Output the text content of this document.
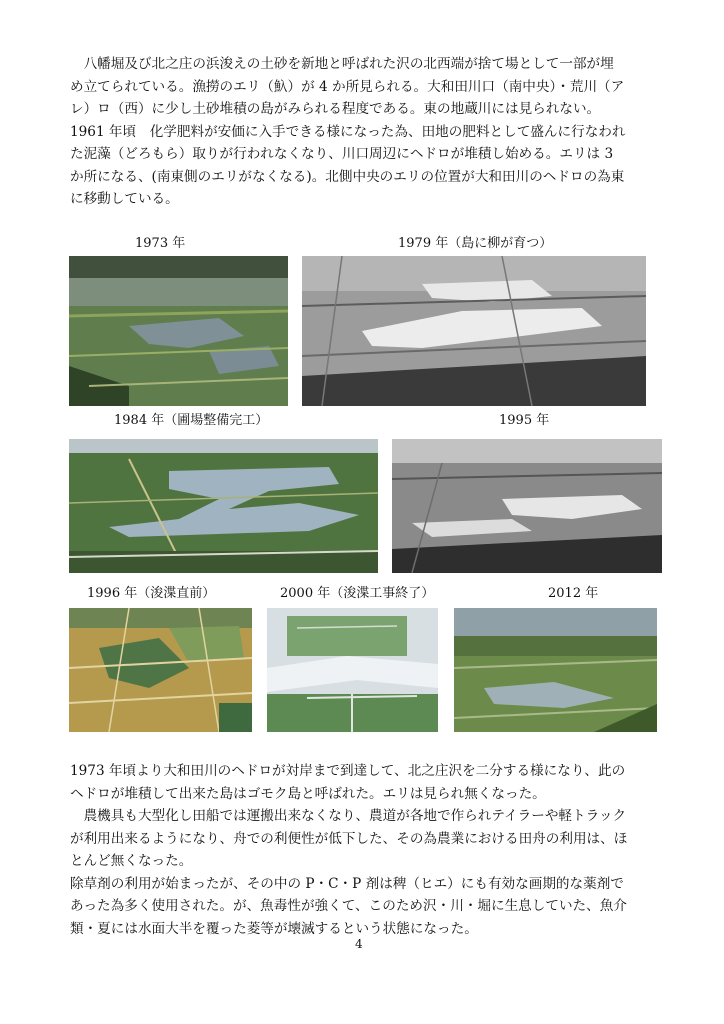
　八幡堀及び北之庄の浜浚えの土砂を新地と呼ばれた沢の北西端が捨て場として一部が埋

め立てられている。漁撈のエリ（魞）が 4 か所見られる。大和田川口（南中央）・荒川（ア

レ）ロ（西）に少し土砂堆積の島がみられる程度である。東の地蔵川には見られない。

1961 年頃　化学肥料が安価に入手できる様になった為、田地の肥料として盛んに行なわれ

た泥藻（どろもら）取りが行われなくなり、川口周辺にヘドロが堆積し始める。エリは 3

か所になる、(南東側のエリがなくなる)。北側中央のエリの位置が大和田川のヘドロの為東

に移動している。

1973 年	1979 年（島に柳が育つ）
1984 年（圃場整備完工）	1995 年
1996 年（浚渫直前）	2000 年（浚渫工事終了）	2012 年

1973 年頃より大和田川のヘドロが対岸まで到達して、北之庄沢を二分する様になり、此の

ヘドロが堆積して出来た島はゴモク島と呼ばれた。エリは見られ無くなった。

　農機具も大型化し田船では運搬出来なくなり、農道が各地で作られテイラーや軽トラック

が利用出来るようになり、舟での利便性が低下した、その為農業における田舟の利用は、ほ

とんど無くなった。

除草剤の利用が始まったが、その中の P・C・P 剤は稗（ヒエ）にも有効な画期的な薬剤で

あった為多く使用された。が、魚毒性が強くて、このため沢・川・堀に生息していた、魚介

類・夏には水面大半を覆った菱等が壊滅するという状態になった。

4
